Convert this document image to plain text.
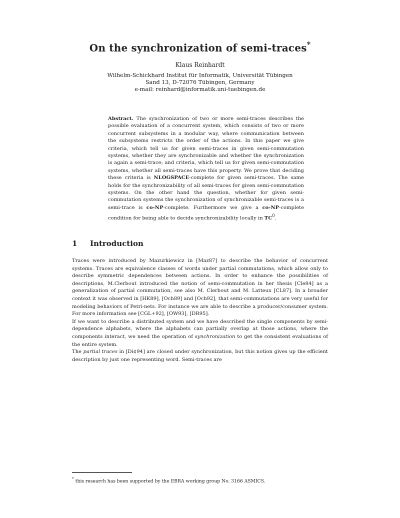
On the synchronization of semi-traces*
Klaus Reinhardt
Wilhelm-Schickhard Institut für Informatik, Universität Tübingen
Sand 13, D-72076 Tübingen, Germany
e-mail: reinhard@informatik.uni-tuebingen.de
Abstract. The synchronization of two or more semi-traces describes the possible evaluation of a concurrent system, which consists of two or more concurrent subsystems in a modular way, where communication between the subsystems restricts the order of the actions. In this paper we give criteria, which tell us for given semi-traces in given semi-commutation systems, whether they are synchronizable and whether the synchronization is again a semi-trace; and criteria, which tell us for given semi-commutation systems, whether all semi-traces have this property. We prove that deciding these criteria is NLOGSPACE-complete for given semi-traces. The same holds for the synchronizability of all semi-traces for given semi-commutation systems. On the other hand the question, whether for given semi-commutation systems the synchronization of synchronizable semi-traces is a semi-trace is co-NP-complete. Furthermore we give a co-NP-complete condition for being able to decide synchronizability locally in $TC^0$.
1 Introduction

Traces were introduced by Mazurkiewicz in [Maz87] to describe the behavior of concurrent systems. Traces are equivalence classes of words under partial commutations, which allow only to describe symmetric dependences between actions. In order to enhance the possibilities of descriptions, M.Clerbout introduced the notion of semi-commutation in her thesis [Cle84] as a generalization of partial commutation, see also M. Clerbout and M. Latteux [CL87]. In a broader context it was observed in [HK89], [Och89] and [Och92], that semi-commutations are very useful for modeling behaviors of Petri-nets. For instance we are able to describe a producer/consumer system. For more information see [CGL+92], [OW93], [DR95].

If we want to describe a distributed system and we have described the single components by semi-dependence alphabets, where the alphabets can partially overlap at those actions, where the components interact, we need the operation of synchronization to get the consistent evaluations of the entire system.

The partial traces in [Di¢94] are closed under synchronization, but this notion gives up the efficient description by just one representing word. Semi-traces are

* this research has been supported by the EBRA working group No. 3166 ASMICS.
